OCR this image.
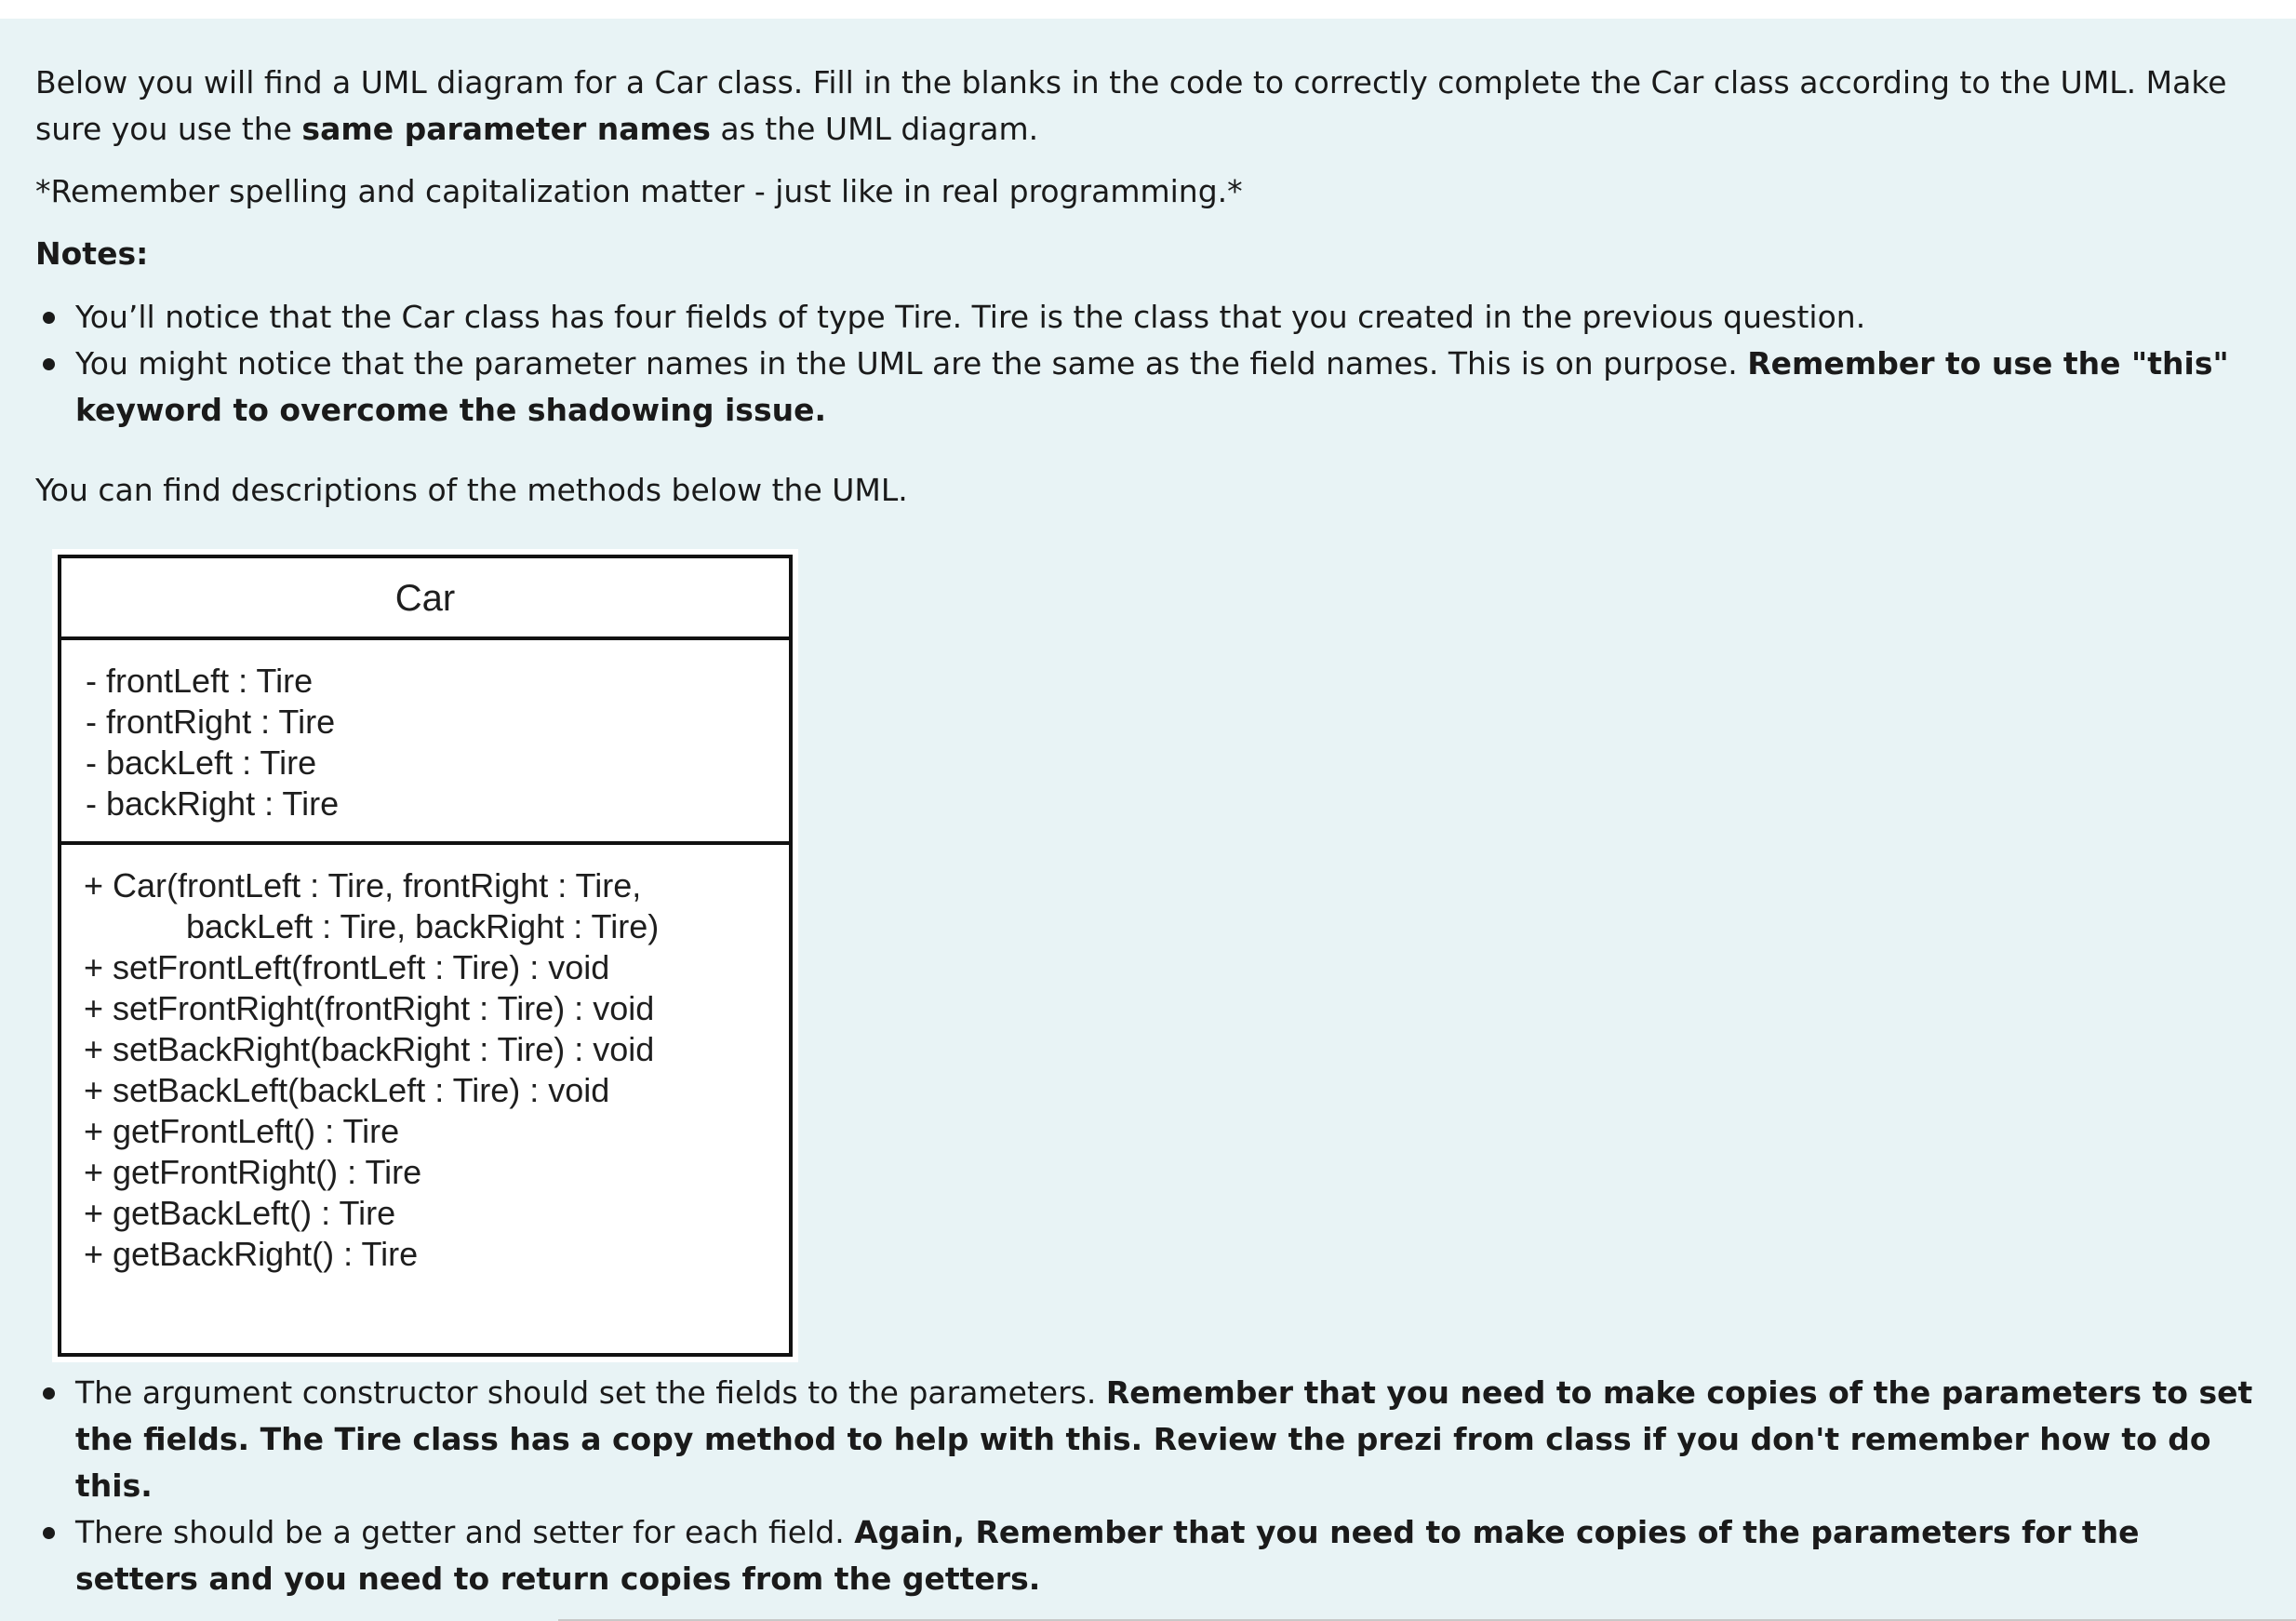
Below you will find a UML diagram for a Car class. Fill in the blanks in the code to correctly complete the Car class according to the UML. Make sure you use the same parameter names as the UML diagram.

*Remember spelling and capitalization matter - just like in real programming.*

Notes:

You’ll notice that the Car class has four fields of type Tire. Tire is the class that you created in the previous question.
You might notice that the parameter names in the UML are the same as the field names. This is on purpose. Remember to use the "this" keyword to overcome the shadowing issue.

You can find descriptions of the methods below the UML.

Car
- frontLeft : Tire
- frontRight : Tire
- backLeft : Tire
- backRight : Tire
+ Car(frontLeft : Tire, frontRight : Tire,
backLeft : Tire, backRight : Tire)
+ setFrontLeft(frontLeft : Tire) : void
+ setFrontRight(frontRight : Tire) : void
+ setBackRight(backRight : Tire) : void
+ setBackLeft(backLeft : Tire) : void
+ getFrontLeft() : Tire
+ getFrontRight() : Tire
+ getBackLeft() : Tire
+ getBackRight() : Tire
The argument constructor should set the fields to the parameters. Remember that you need to make copies of the parameters to set the fields. The Tire class has a copy method to help with this. Review the prezi from class if you don't remember how to do this.
There should be a getter and setter for each field. Again, Remember that you need to make copies of the parameters for the setters and you need to return copies from the getters.
